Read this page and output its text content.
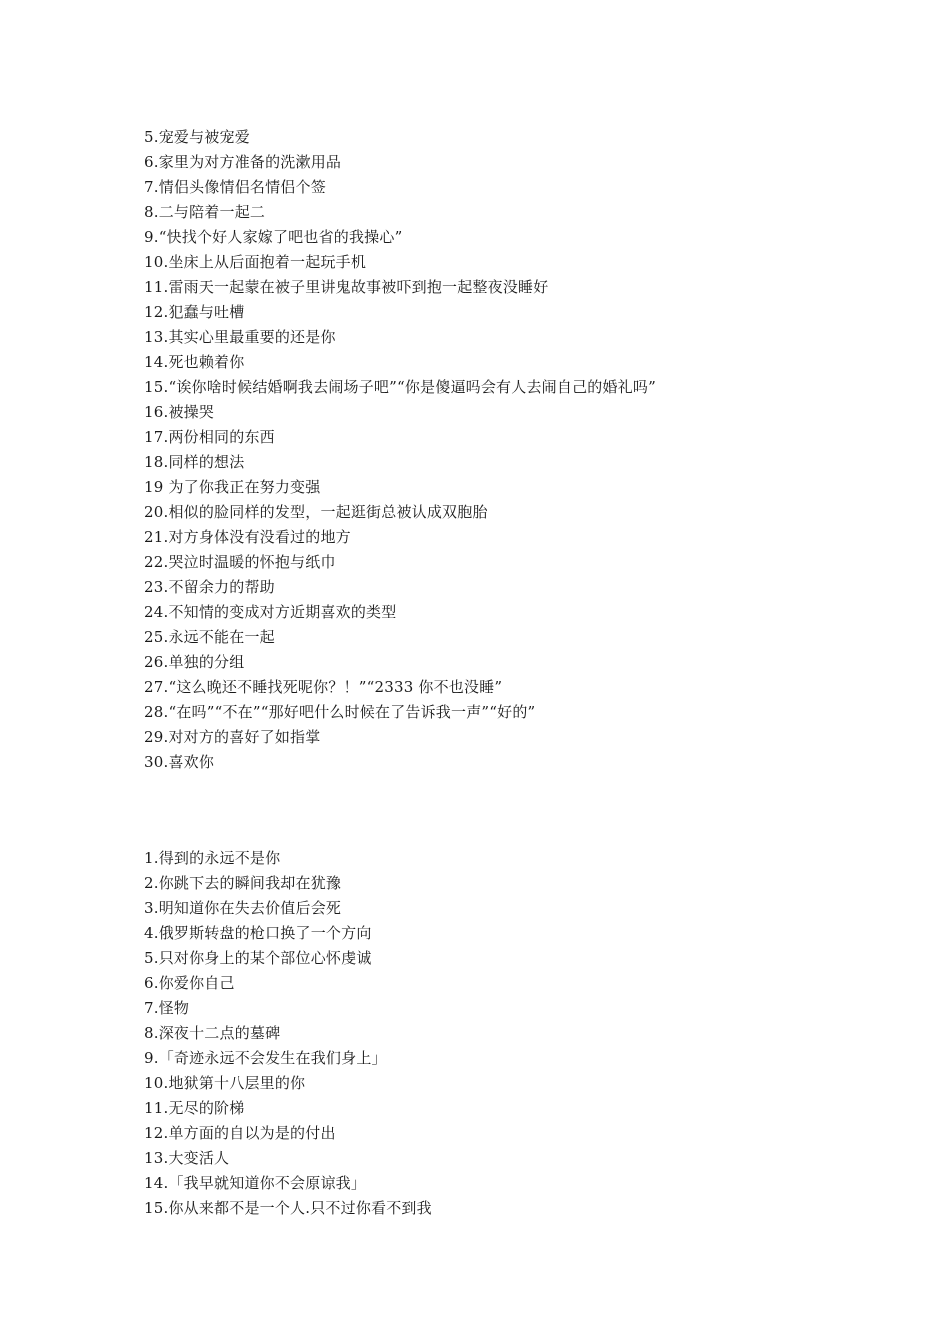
5.宠爱与被宠爱
6.家里为对方准备的洗漱用品
7.情侣头像情侣名情侣个签
8.二与陪着一起二
9.“快找个好人家嫁了吧也省的我操心”
10.坐床上从后面抱着一起玩手机
11.雷雨天一起蒙在被子里讲鬼故事被吓到抱一起整夜没睡好
12.犯蠢与吐槽
13.其实心里最重要的还是你
14.死也赖着你
15.“诶你啥时候结婚啊我去闹场子吧”“你是傻逼吗会有人去闹自己的婚礼吗”
16.被操哭
17.两份相同的东西
18.同样的想法
19 为了你我正在努力变强
20.相似的脸同样的发型，一起逛街总被认成双胞胎
21.对方身体没有没看过的地方
22.哭泣时温暖的怀抱与纸巾
23.不留余力的帮助
24.不知情的变成对方近期喜欢的类型
25.永远不能在一起
26.单独的分组
27.“这么晚还不睡找死呢你？！”“2333 你不也没睡”
28.“在吗”“不在”“那好吧什么时候在了告诉我一声”“好的”
29.对对方的喜好了如指掌
30.喜欢你
1.得到的永远不是你
2.你跳下去的瞬间我却在犹豫
3.明知道你在失去价值后会死
4.俄罗斯转盘的枪口换了一个方向
5.只对你身上的某个部位心怀虔诚
6.你爱你自己
7.怪物
8.深夜十二点的墓碑
9.「奇迹永远不会发生在我们身上」
10.地狱第十八层里的你
11.无尽的阶梯
12.单方面的自以为是的付出
13.大变活人
14.「我早就知道你不会原谅我」
15.你从来都不是一个人.只不过你看不到我
